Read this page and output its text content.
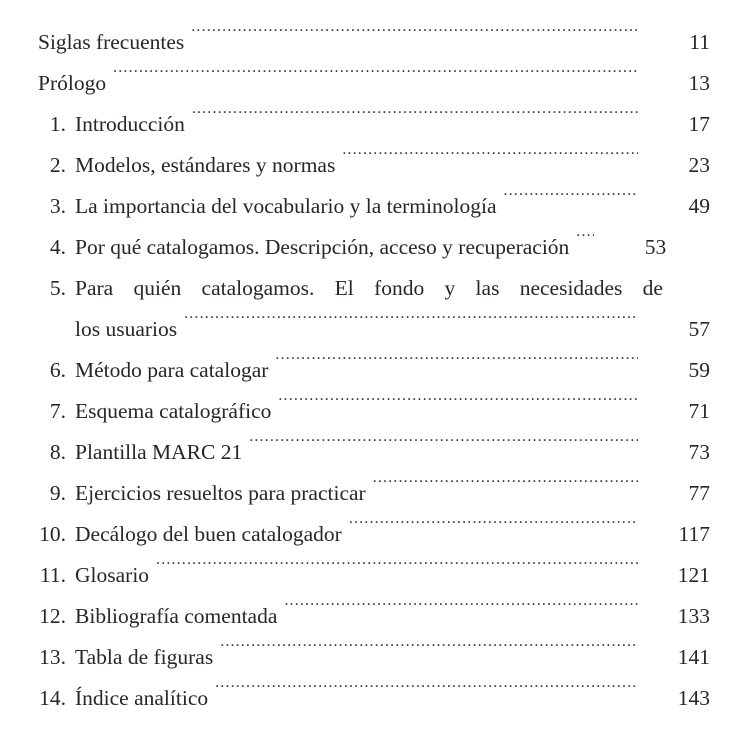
Siglas frecuentes .....	11
Prólogo .....	13
1. Introducción .....	17
2. Modelos, estándares y normas .....	23
3. La importancia del vocabulario y la terminología .....	49
4. Por qué catalogamos. Descripción, acceso y recuperación .....	53
5. Para quién catalogamos. El fondo y las necesidades de
los usuarios .....	57
6. Método para catalogar .....	59
7. Esquema catalográfico .....	71
8. Plantilla MARC 21 .....	73
9. Ejercicios resueltos para practicar .....	77
10. Decálogo del buen catalogador .....	117
11. Glosario .....	121
12. Bibliografía comentada .....	133
13. Tabla de figuras .....	141
14. Índice analítico .....	143
